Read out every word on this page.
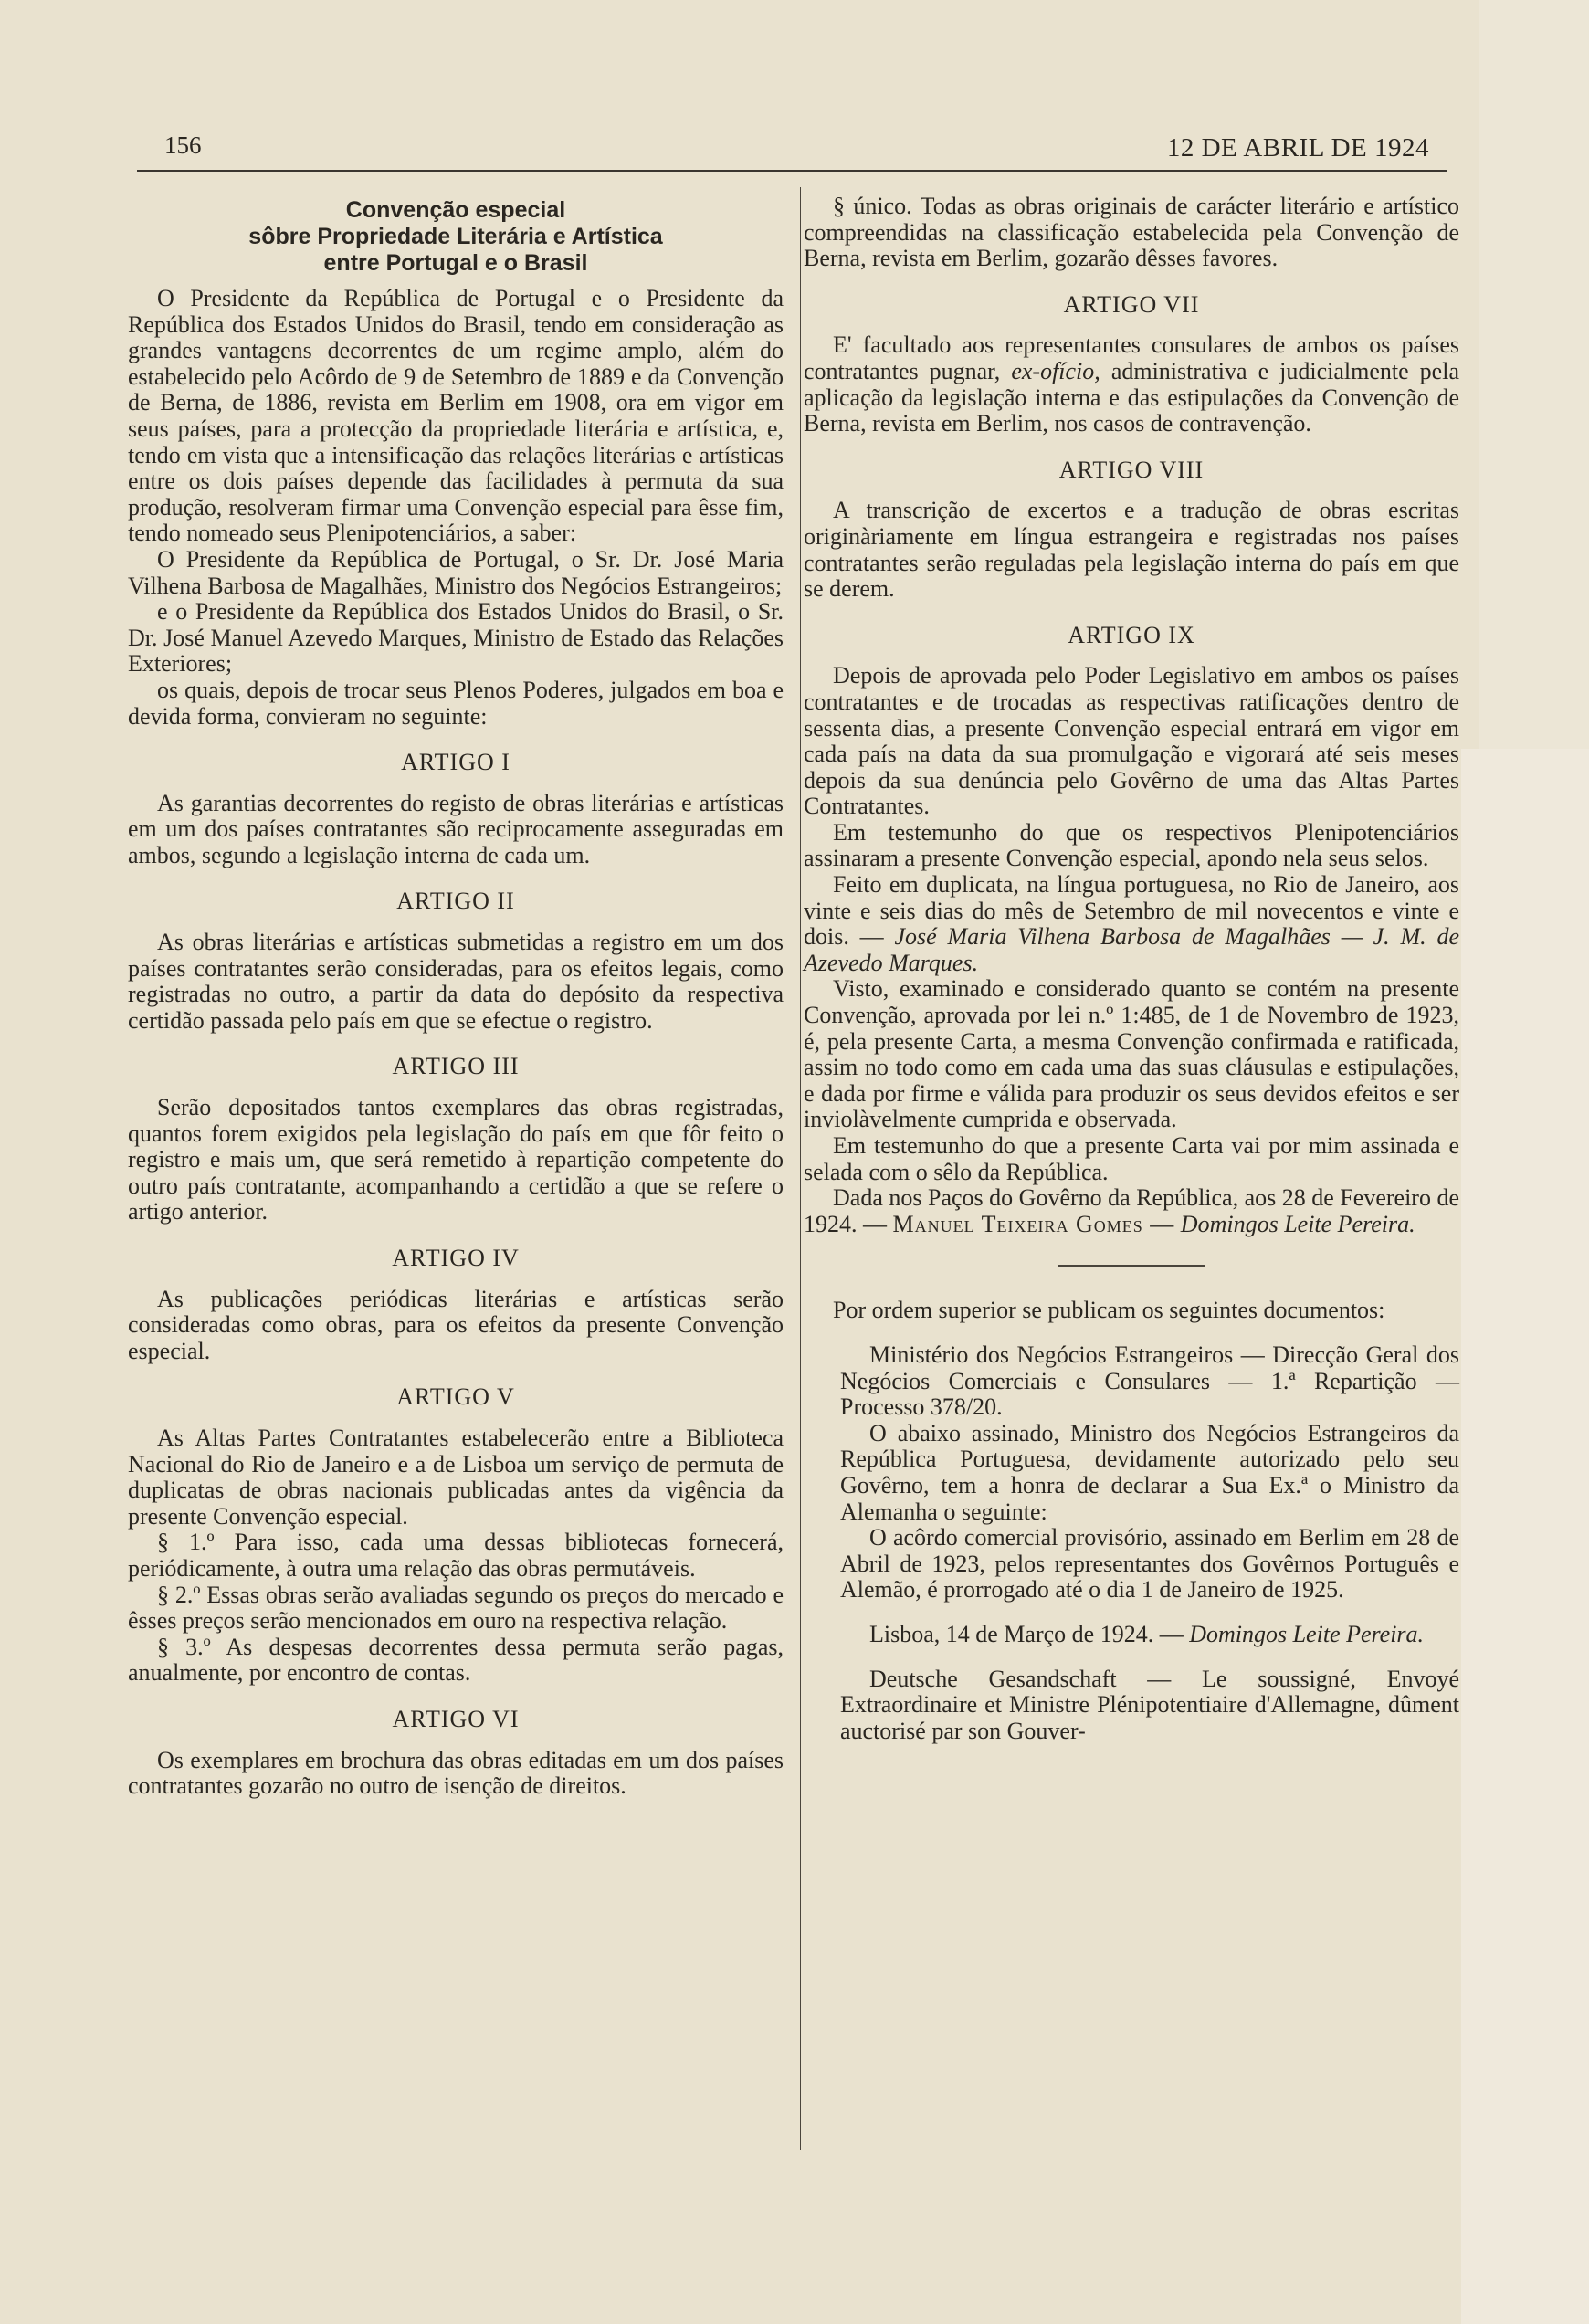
156	12 DE ABRIL DE 1924
Convenção especial
sôbre Propriedade Literária e Artística
entre Portugal e o Brasil

O Presidente da República de Portugal e o Presidente da República dos Estados Unidos do Brasil, tendo em consideração as grandes vantagens decorrentes de um regime amplo, além do estabelecido pelo Acôrdo de 9 de Setembro de 1889 e da Convenção de Berna, de 1886, revista em Berlim em 1908, ora em vigor em seus países, para a protecção da propriedade literária e artística, e, tendo em vista que a intensificação das relações literárias e artísticas entre os dois países depende das facilidades à permuta da sua produção, resolveram firmar uma Convenção especial para êsse fim, tendo nomeado seus Plenipotenciários, a saber:

O Presidente da República de Portugal, o Sr. Dr. José Maria Vilhena Barbosa de Magalhães, Ministro dos Negócios Estrangeiros;

e o Presidente da República dos Estados Unidos do Brasil, o Sr. Dr. José Manuel Azevedo Marques, Ministro de Estado das Relações Exteriores;

os quais, depois de trocar seus Plenos Poderes, julgados em boa e devida forma, convieram no seguinte:

ARTIGO I

As garantias decorrentes do registo de obras literárias e artísticas em um dos países contratantes são reciprocamente asseguradas em ambos, segundo a legislação interna de cada um.

ARTIGO II

As obras literárias e artísticas submetidas a registro em um dos países contratantes serão consideradas, para os efeitos legais, como registradas no outro, a partir da data do depósito da respectiva certidão passada pelo país em que se efectue o registro.

ARTIGO III

Serão depositados tantos exemplares das obras registradas, quantos forem exigidos pela legislação do país em que fôr feito o registro e mais um, que será remetido à repartição competente do outro país contratante, acompanhando a certidão a que se refere o artigo anterior.

ARTIGO IV

As publicações periódicas literárias e artísticas serão consideradas como obras, para os efeitos da presente Convenção especial.

ARTIGO V

As Altas Partes Contratantes estabelecerão entre a Biblioteca Nacional do Rio de Janeiro e a de Lisboa um serviço de permuta de duplicatas de obras nacionais publicadas antes da vigência da presente Convenção especial.

§ 1.º Para isso, cada uma dessas bibliotecas fornecerá, periódicamente, à outra uma relação das obras permutáveis.

§ 2.º Essas obras serão avaliadas segundo os preços do mercado e êsses preços serão mencionados em ouro na respectiva relação.

§ 3.º As despesas decorrentes dessa permuta serão pagas, anualmente, por encontro de contas.

ARTIGO VI

Os exemplares em brochura das obras editadas em um dos países contratantes gozarão no outro de isenção de direitos.

§ único. Todas as obras originais de carácter literário e artístico compreendidas na classificação estabelecida pela Convenção de Berna, revista em Berlim, gozarão dêsses favores.

ARTIGO VII

E' facultado aos representantes consulares de ambos os países contratantes pugnar, ex-ofício, administrativa e judicialmente pela aplicação da legislação interna e das estipulações da Convenção de Berna, revista em Berlim, nos casos de contravenção.

ARTIGO VIII

A transcrição de excertos e a tradução de obras escritas originàriamente em língua estrangeira e registradas nos países contratantes serão reguladas pela legislação interna do país em que se derem.

ARTIGO IX

Depois de aprovada pelo Poder Legislativo em ambos os países contratantes e de trocadas as respectivas ratificações dentro de sessenta dias, a presente Convenção especial entrará em vigor em cada país na data da sua promulgação e vigorará até seis meses depois da sua denúncia pelo Govêrno de uma das Altas Partes Contratantes.

Em testemunho do que os respectivos Plenipotenciários assinaram a presente Convenção especial, apondo nela seus selos.

Feito em duplicata, na língua portuguesa, no Rio de Janeiro, aos vinte e seis dias do mês de Setembro de mil novecentos e vinte e dois. — José Maria Vilhena Barbosa de Magalhães — J. M. de Azevedo Marques.

Visto, examinado e considerado quanto se contém na presente Convenção, aprovada por lei n.º 1:485, de 1 de Novembro de 1923, é, pela presente Carta, a mesma Convenção confirmada e ratificada, assim no todo como em cada uma das suas cláusulas e estipulações, e dada por firme e válida para produzir os seus devidos efeitos e ser inviolàvelmente cumprida e observada.

Em testemunho do que a presente Carta vai por mim assinada e selada com o sêlo da República.

Dada nos Paços do Govêrno da República, aos 28 de Fevereiro de 1924. — Manuel Teixeira Gomes — Domingos Leite Pereira.

Por ordem superior se publicam os seguintes documentos:

Ministério dos Negócios Estrangeiros — Direcção Geral dos Negócios Comerciais e Consulares — 1.ª Repartição — Processo 378/20.

O abaixo assinado, Ministro dos Negócios Estrangeiros da República Portuguesa, devidamente autorizado pelo seu Govêrno, tem a honra de declarar a Sua Ex.ª o Ministro da Alemanha o seguinte:

O acôrdo comercial provisório, assinado em Berlim em 28 de Abril de 1923, pelos representantes dos Govêrnos Português e Alemão, é prorrogado até o dia 1 de Janeiro de 1925.

Lisboa, 14 de Março de 1924. — Domingos Leite Pereira.

Deutsche Gesandschaft — Le soussigné, Envoyé Extraordinaire et Ministre Plénipotentiaire d'Allemagne, dûment auctorisé par son Gouver-
